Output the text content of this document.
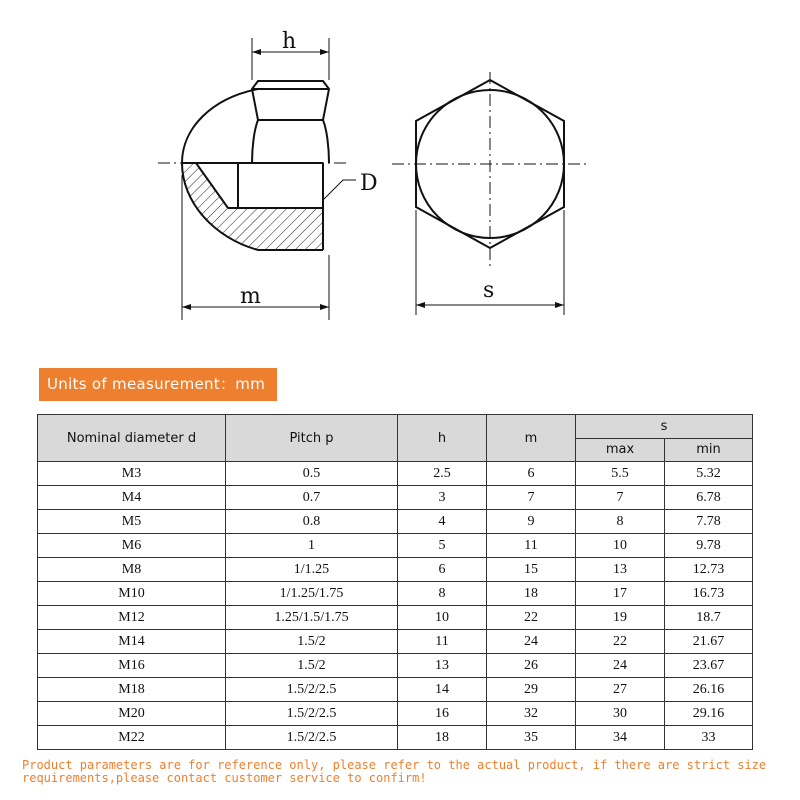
h
D
m	s
Units of measurement：mm
Nominal diameter d	Pitch p	h	m	s	
				max	min
M3	0.5	2.5	6	5.5	5.32
M4	0.7	3	7	7	6.78
M5	0.8	4	9	8	7.78
M6	1	5	11	10	9.78
M8	1/1.25	6	15	13	12.73
M10	1/1.25/1.75	8	18	17	16.73
M12	1.25/1.5/1.75	10	22	19	18.7
M14	1.5/2	11	24	22	21.67
M16	1.5/2	13	26	24	23.67
M18	1.5/2/2.5	14	29	27	26.16
M20	1.5/2/2.5	16	32	30	29.16
M22	1.5/2/2.5	18	35	34	33
Product parameters are for reference only, please refer to the actual product, if there are strict size requirements,please contact customer service to confirm!
